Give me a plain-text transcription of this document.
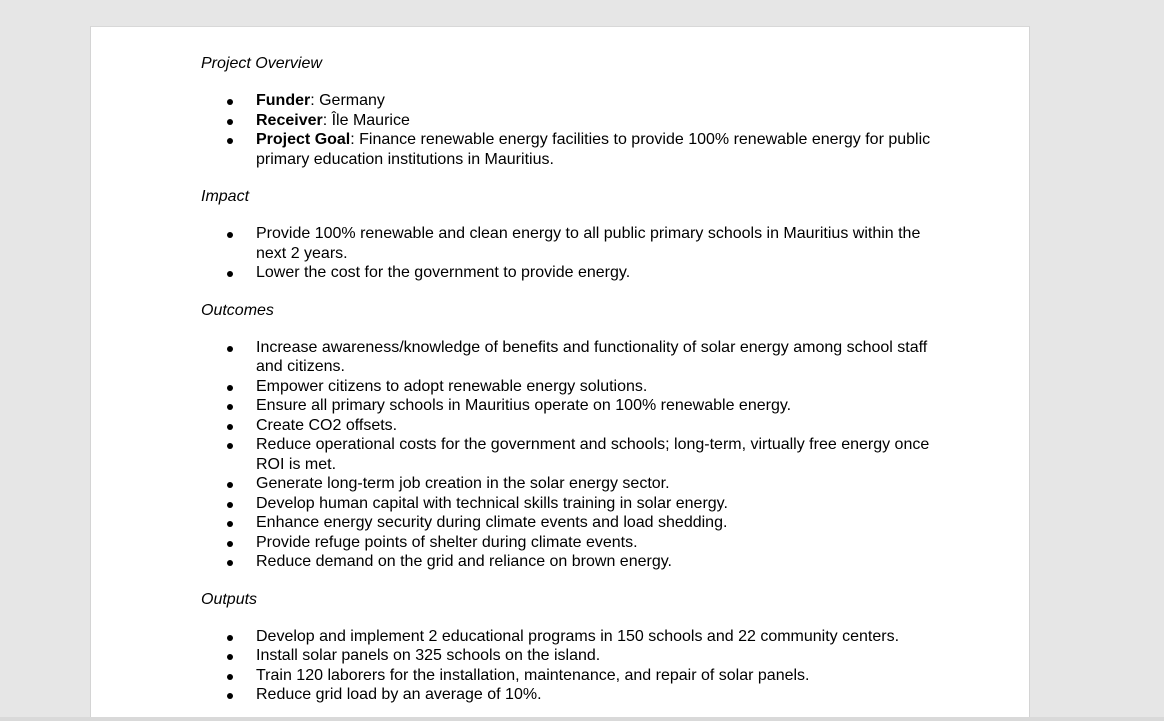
Project Overview

Funder: Germany
Receiver: Île Maurice
Project Goal: Finance renewable energy facilities to provide 100% renewable energy for public primary education institutions in Mauritius.

Impact

Provide 100% renewable and clean energy to all public primary schools in Mauritius within the next 2 years.
Lower the cost for the government to provide energy.

Outcomes

Increase awareness/knowledge of benefits and functionality of solar energy among school staff and citizens.
Empower citizens to adopt renewable energy solutions.
Ensure all primary schools in Mauritius operate on 100% renewable energy.
Create CO2 offsets.
Reduce operational costs for the government and schools; long-term, virtually free energy once ROI is met.
Generate long-term job creation in the solar energy sector.
Develop human capital with technical skills training in solar energy.
Enhance energy security during climate events and load shedding.
Provide refuge points of shelter during climate events.
Reduce demand on the grid and reliance on brown energy.

Outputs

Develop and implement 2 educational programs in 150 schools and 22 community centers.
Install solar panels on 325 schools on the island.
Train 120 laborers for the installation, maintenance, and repair of solar panels.
Reduce grid load by an average of 10%.
